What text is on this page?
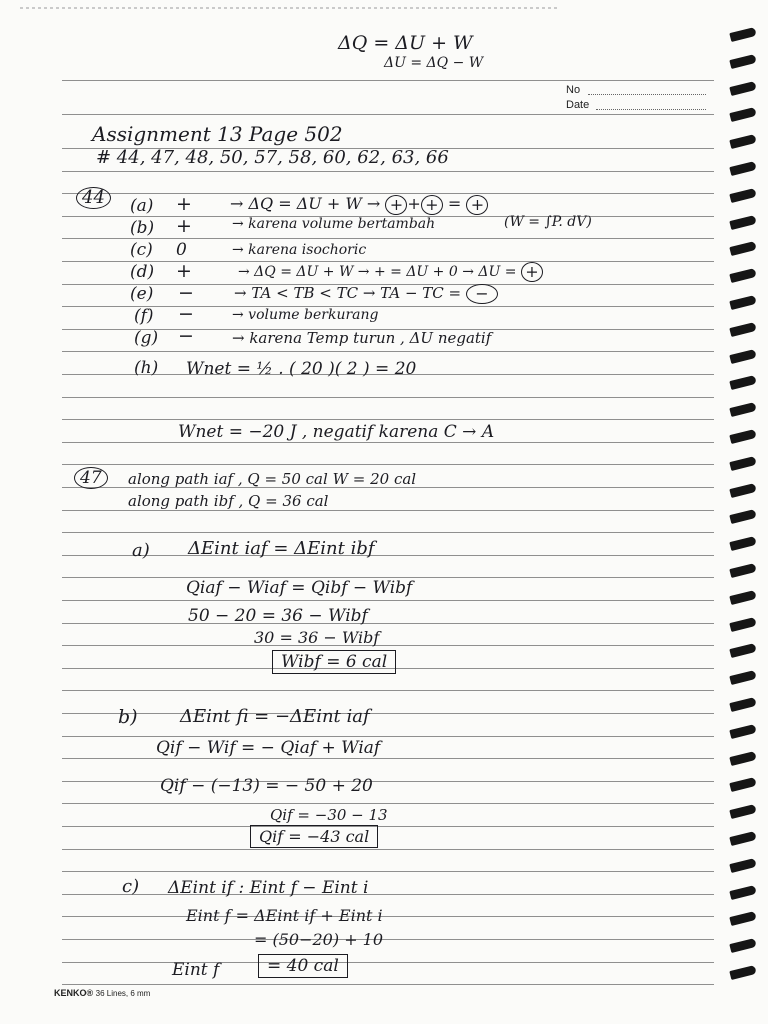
No
Date
ΔQ = ΔU + W
ΔU = ΔQ − W
Assignment 13 Page 502
# 44, 47, 48, 50, 57, 58, 60, 62, 63, 66
44	(a) + → ΔQ = ΔU + W → + + + = +
(b) +	→ karena volume bertambah	(W = ∫P. dV)
(c) 0	→ karena isochoric
(d) +	→ ΔQ = ΔU + W → + = ΔU + 0 → ΔU = +
(e) −	→ TA < TB < TC → TA − TC = −
(f) −	→ volume berkurang
(g) −	→ karena Temp turun , ΔU negatif
(h) Wnet = ½ . ( 20 )( 2 ) = 20
Wnet = −20 J , negatif karena C → A
47	along path iaf , Q = 50 cal W = 20 cal
along path ibf , Q = 36 cal
a) ΔEint iaf = ΔEint ibf
Qiaf − Wiaf = Qibf − Wibf
50 − 20 = 36 − Wibf
30 = 36 − Wibf
Wibf = 6 cal
b) ΔEint fi = −ΔEint iaf
Qif − Wif = − Qiaf + Wiaf
Qif − (−13) = − 50 + 20
Qif = −30 − 13
Qif = −43 cal
c) ΔEint if : Eint f − Eint i
Eint f = ΔEint if + Eint i
= (50−20) + 10
Eint f	= 40 cal
KENKO® 36 Lines, 6 mm
